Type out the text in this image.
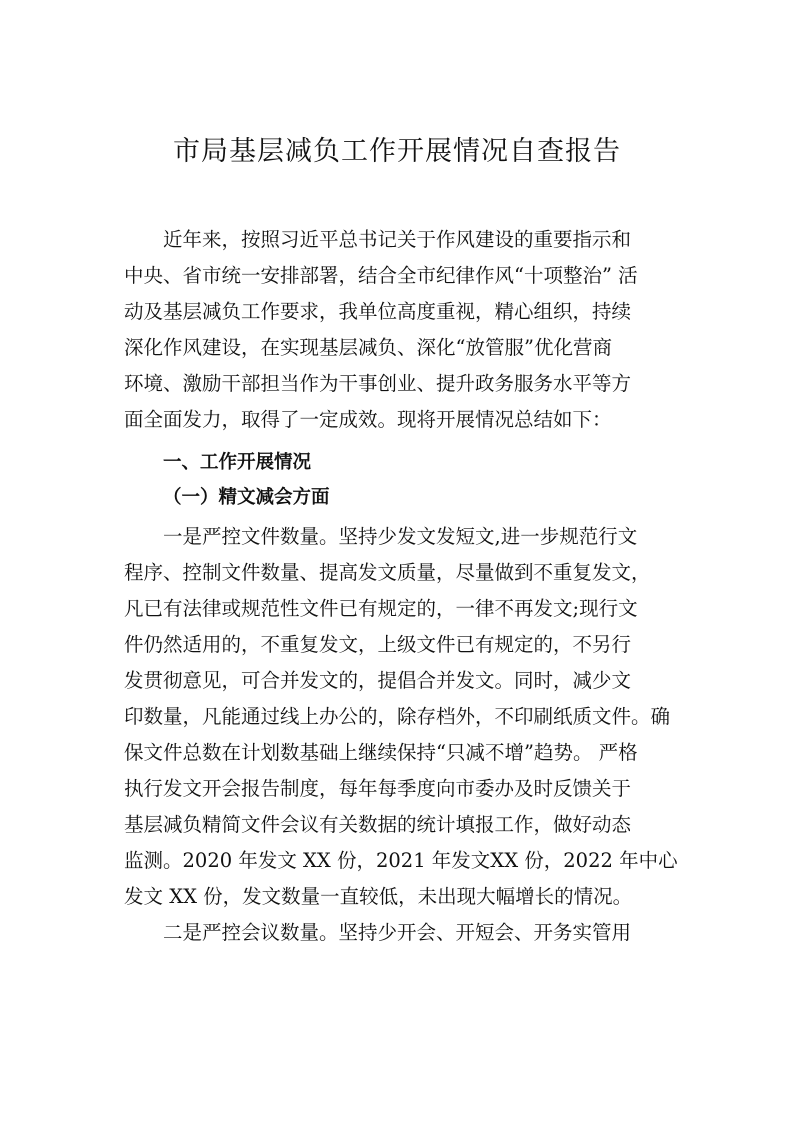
市局基层减负工作开展情况自查报告
近年来，按照习近平总书记关于作风建设的重要指示和
中央、省市统一安排部署，结合全市纪律作风“十项整治” 活
动及基层减负工作要求，我单位高度重视，精心组织，持续
深化作风建设，在实现基层减负、深化“放管服”优化营商
环境、激励干部担当作为干事创业、提升政务服务水平等方
面全面发力，取得了一定成效。现将开展情况总结如下：
一、工作开展情况
（一）精文减会方面
一是严控文件数量。坚持少发文发短文,进一步规范行文
程序、控制文件数量、提高发文质量，尽量做到不重复发文，
凡已有法律或规范性文件已有规定的，一律不再发文;现行文
件仍然适用的，不重复发文，上级文件已有规定的，不另行
发贯彻意见，可合并发文的，提倡合并发文。同时，减少文
印数量，凡能通过线上办公的，除存档外，不印刷纸质文件。确
保文件总数在计划数基础上继续保持“只减不增”趋势。 严格
执行发文开会报告制度，每年每季度向市委办及时反馈关于
基层减负精简文件会议有关数据的统计填报工作，做好动态
监测。2020 年发文 XX 份，2021 年发文XX 份，2022 年中心
发文 XX 份，发文数量一直较低，未出现大幅增长的情况。
二是严控会议数量。坚持少开会、开短会、开务实管用
